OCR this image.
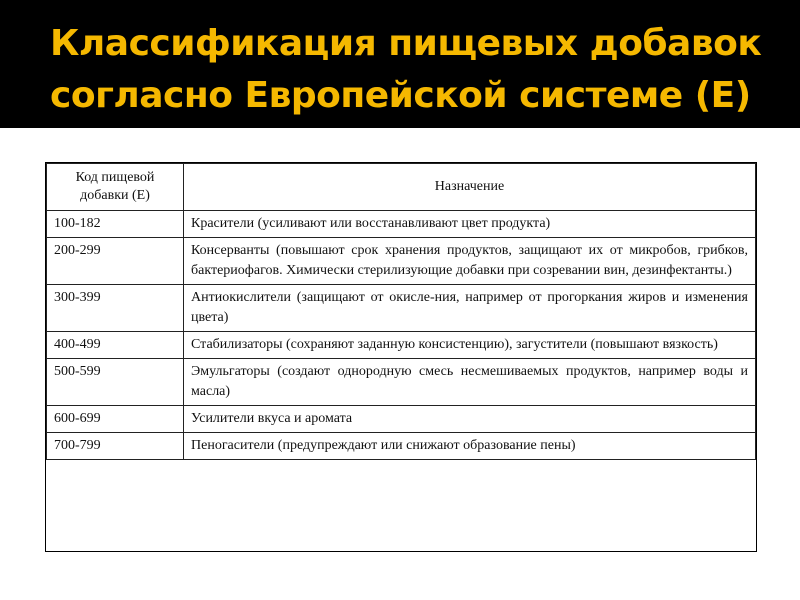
Классификация пищевых добавок
согласно Европейской системе (Е)
Код пищевой добавки (Е)	Назначение
100-182	Красители (усиливают или восстанавливают цвет продукта)
200-299	Консерванты (повышают срок хранения продуктов, защищают их от микробов, грибков, бактериофагов. Химически стерилизующие добавки при созревании вин, дезинфектанты.)
300-399	Антиокислители (защищают от окисле-ния, например от прогоркания жиров и изменения цвета)
400-499	Стабилизаторы (сохраняют заданную консистенцию), загустители (повышают вязкость)
500-599	Эмульгаторы (создают однородную смесь несмешиваемых продуктов, например воды и масла)
600-699	Усилители вкуса и аромата
700-799	Пеногасители (предупреждают или снижают образование пены)
